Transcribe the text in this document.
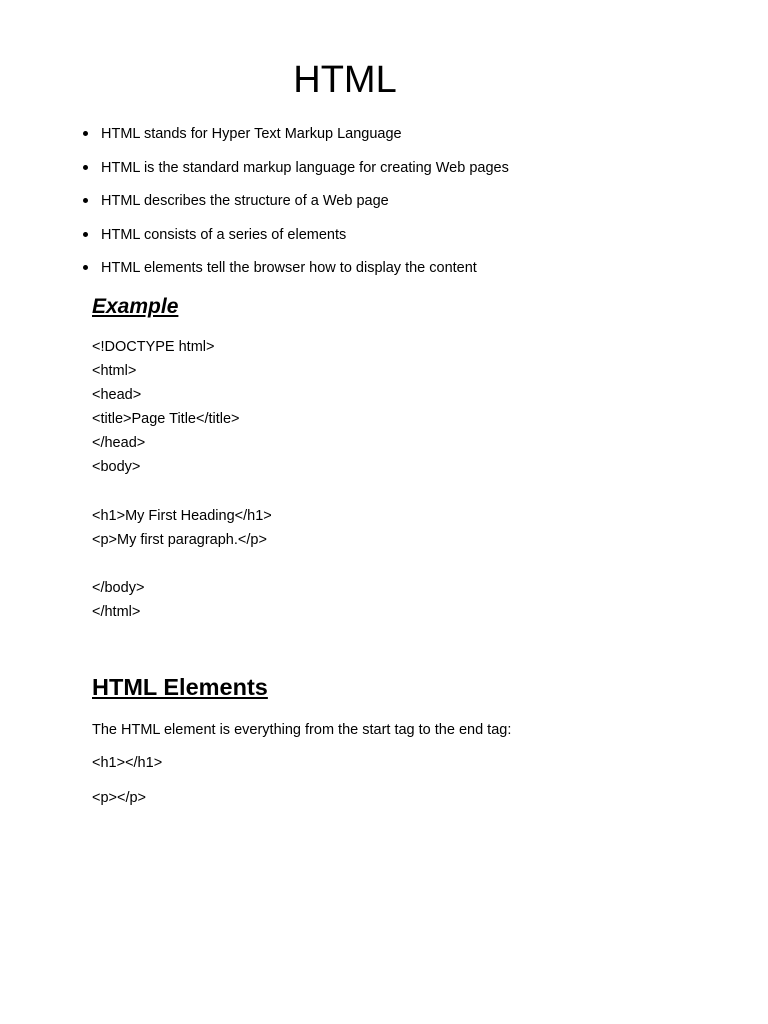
HTML
HTML stands for Hyper Text Markup Language
HTML is the standard markup language for creating Web pages
HTML describes the structure of a Web page
HTML consists of a series of elements
HTML elements tell the browser how to display the content
Example
<!DOCTYPE html>
<html>
<head>
<title>Page Title</title>
</head>
<body>
<h1>My First Heading</h1>
<p>My first paragraph.</p>
</body>
</html>
HTML Elements

The HTML element is everything from the start tag to the end tag:

<h1></h1>

<p></p>
